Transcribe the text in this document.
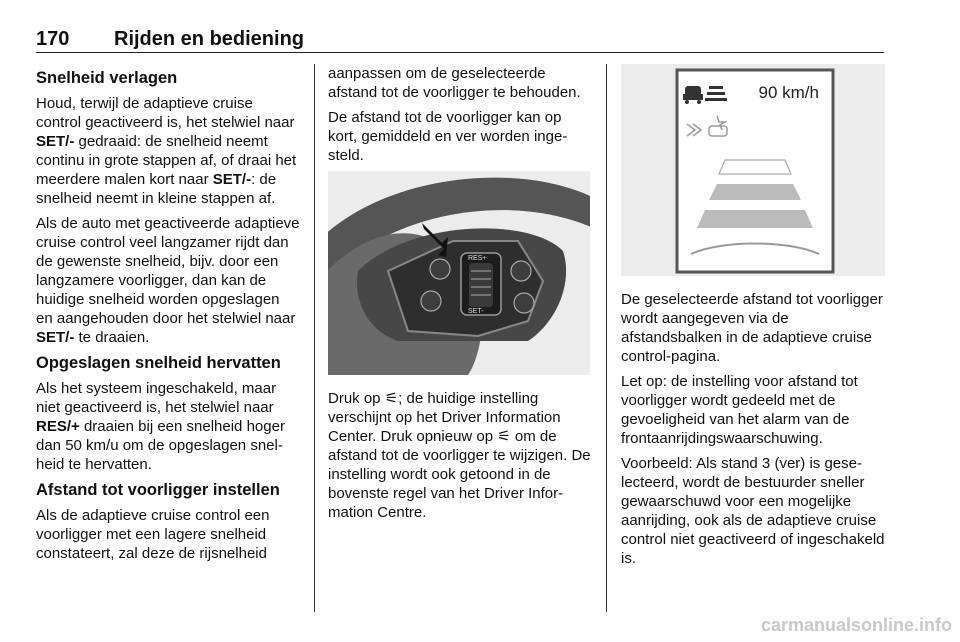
170 Rijden en bediening
Snelheid verlagen

Houd, terwijl de adaptieve cruise control geactiveerd is, het stelwiel naar SET/- gedraaid: de snelheid neemt continu in grote stappen af, of draai het meerdere malen kort naar SET/-: de snelheid neemt in kleine stappen af.

Als de auto met geactiveerde adaptieve cruise control veel langzamer rijdt dan de gewenste snelheid, bijv. door een langzamere voorligger, dan kan de huidige snelheid worden opgeslagen en aangehouden door het stelwiel naar SET/- te draaien.

Opgeslagen snelheid hervatten

Als het systeem ingeschakeld, maar niet geactiveerd is, het stelwiel naar RES/+ draaien bij een snelheid hoger dan 50 km/u om de opgeslagen snelheid te hervatten.

Afstand tot voorligger instellen

Als de adaptieve cruise control een voorligger met een lagere snelheid constateert, zal deze de rijsnelheid

aanpassen om de geselecteerde afstand tot de voorligger te behouden.

De afstand tot de voorligger kan op kort, gemiddeld en ver worden ingesteld.

RES+
SET-

Druk op ⚟; de huidige instelling verschijnt op het Driver Information Center. Druk opnieuw op ⚟ om de afstand tot de voorligger te wijzigen. De instelling wordt ook getoond in de bovenste regel van het Driver Information Centre.

90 km/h

De geselecteerde afstand tot voorligger wordt aangegeven via de afstandsbalken in de adaptieve cruise control-pagina.

Let op: de instelling voor afstand tot voorligger wordt gedeeld met de gevoeligheid van het alarm van de frontaanrijdingswaarschuwing.

Voorbeeld: Als stand 3 (ver) is geselecteerd, wordt de bestuurder sneller gewaarschuwd voor een mogelijke aanrijding, ook als de adaptieve cruise control niet geactiveerd of ingeschakeld is.

carmanualsonline.info
